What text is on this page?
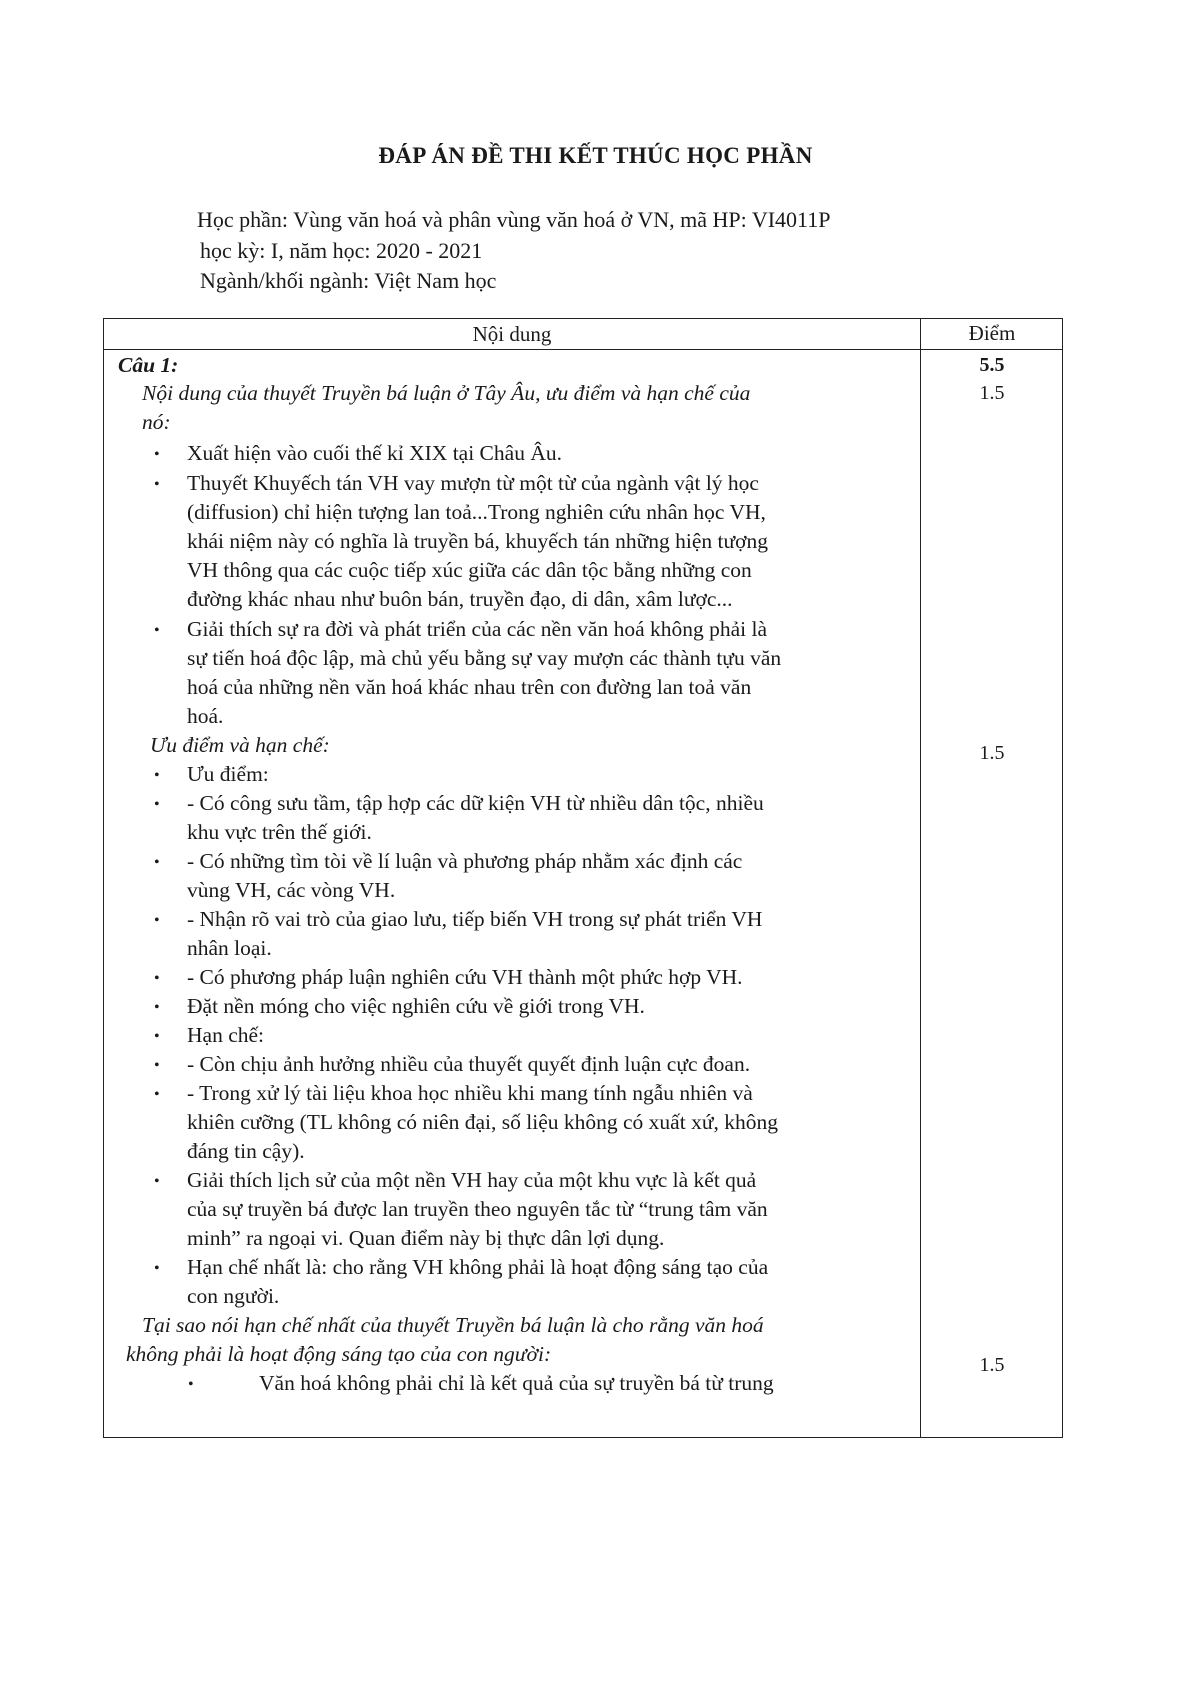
ĐÁP ÁN ĐỀ THI KẾT THÚC HỌC PHẦN
Học phần: Vùng văn hoá và phân vùng văn hoá ở VN, mã HP: VI4011P
học kỳ: I, năm học: 2020 - 2021
Ngành/khối ngành: Việt Nam học
Nội dung	Điểm
Câu 1:
Nội dung của thuyết Truyền bá luận ở Tây Âu, ưu điểm và hạn chế của
nó:
• Xuất hiện vào cuối thế kỉ XIX tại Châu Âu.
• Thuyết Khuyếch tán VH vay mượn từ một từ của ngành vật lý học
(diffusion) chỉ hiện tượng lan toả...Trong nghiên cứu nhân học VH,
khái niệm này có nghĩa là truyền bá, khuyếch tán những hiện tượng
VH thông qua các cuộc tiếp xúc giữa các dân tộc bằng những con
đường khác nhau như buôn bán, truyền đạo, di dân, xâm lược...
• Giải thích sự ra đời và phát triển của các nền văn hoá không phải là
sự tiến hoá độc lập, mà chủ yếu bằng sự vay mượn các thành tựu văn
hoá của những nền văn hoá khác nhau trên con đường lan toả văn
hoá.
Ưu điểm và hạn chế:
• Ưu điểm:
• - Có công sưu tầm, tập hợp các dữ kiện VH từ nhiều dân tộc, nhiều
khu vực trên thế giới.
• - Có những tìm tòi về lí luận và phương pháp nhằm xác định các
vùng VH, các vòng VH.
• - Nhận rõ vai trò của giao lưu, tiếp biến VH trong sự phát triển VH
nhân loại.
• - Có phương pháp luận nghiên cứu VH thành một phức hợp VH.
• Đặt nền móng cho việc nghiên cứu về giới trong VH.
• Hạn chế:
• - Còn chịu ảnh hưởng nhiều của thuyết quyết định luận cực đoan.
• - Trong xử lý tài liệu khoa học nhiều khi mang tính ngẫu nhiên và
khiên cưỡng (TL không có niên đại, số liệu không có xuất xứ, không
đáng tin cậy).
• Giải thích lịch sử của một nền VH hay của một khu vực là kết quả
của sự truyền bá được lan truyền theo nguyên tắc từ “trung tâm văn
minh” ra ngoại vi. Quan điểm này bị thực dân lợi dụng.
• Hạn chế nhất là: cho rằng VH không phải là hoạt động sáng tạo của
con người.
Tại sao nói hạn chế nhất của thuyết Truyền bá luận là cho rằng văn hoá
không phải là hoạt động sáng tạo của con người:
•	Văn hoá không phải chỉ là kết quả của sự truyền bá từ trung
5.5
1.5
1.5
1.5
